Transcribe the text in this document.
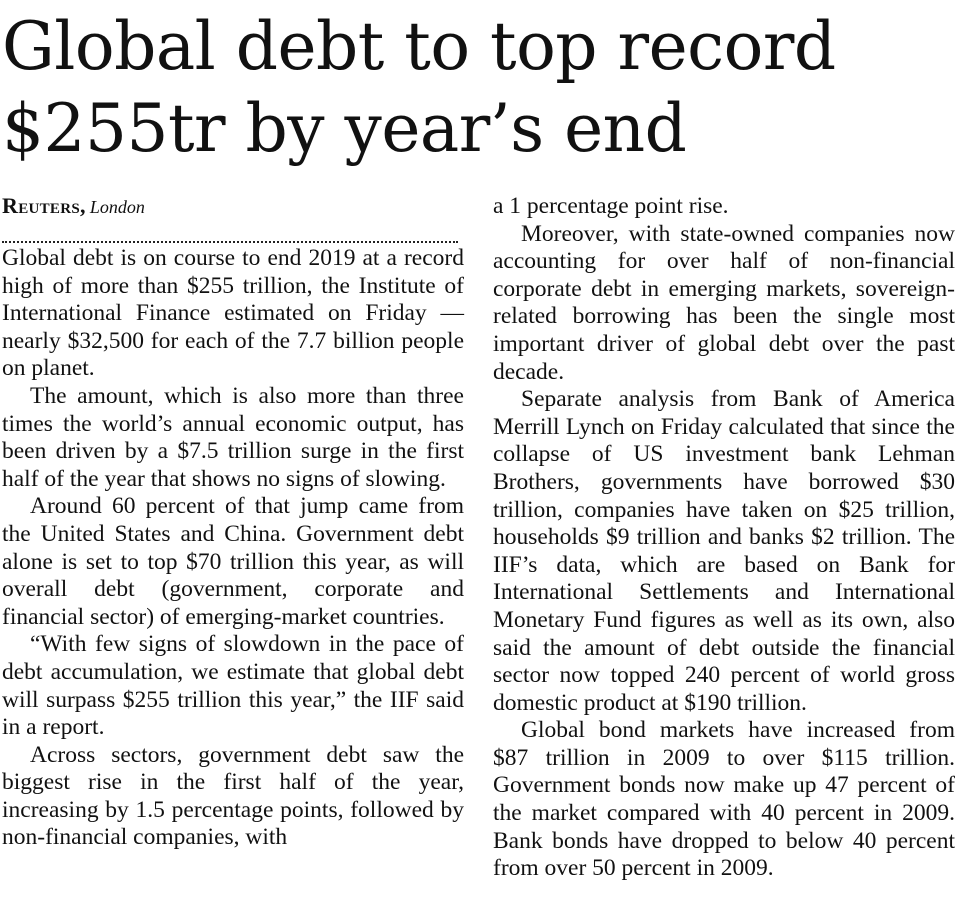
Global debt to top record $255tr by year’s end
Reuters, London

Global debt is on course to end 2019 at a record high of more than $255 trillion, the Institute of International Finance estimated on Friday — nearly $32,500 for each of the 7.7 billion people on planet.

The amount, which is also more than three times the world’s annual economic output, has been driven by a $7.5 trillion surge in the first half of the year that shows no signs of slowing.

Around 60 percent of that jump came from the United States and China. Government debt alone is set to top $70 trillion this year, as will overall debt (government, corporate and financial sector) of emerging-market countries.

“With few signs of slowdown in the pace of debt accumulation, we estimate that global debt will surpass $255 trillion this year,” the IIF said in a report.

Across sectors, government debt saw the biggest rise in the first half of the year, increasing by 1.5 percentage points, followed by non-financial companies, with

a 1 percentage point rise.

Moreover, with state-owned companies now accounting for over half of non-financial corporate debt in emerging markets, sovereign-related borrowing has been the single most important driver of global debt over the past decade.

Separate analysis from Bank of America Merrill Lynch on Friday calculated that since the collapse of US investment bank Lehman Brothers, governments have borrowed $30 trillion, companies have taken on $25 trillion, households $9 trillion and banks $2 trillion. The IIF’s data, which are based on Bank for International Settlements and International Monetary Fund figures as well as its own, also said the amount of debt outside the financial sector now topped 240 percent of world gross domestic product at $190 trillion.

Global bond markets have increased from $87 trillion in 2009 to over $115 trillion. Government bonds now make up 47 percent of the market compared with 40 percent in 2009. Bank bonds have dropped to below 40 percent from over 50 percent in 2009.
